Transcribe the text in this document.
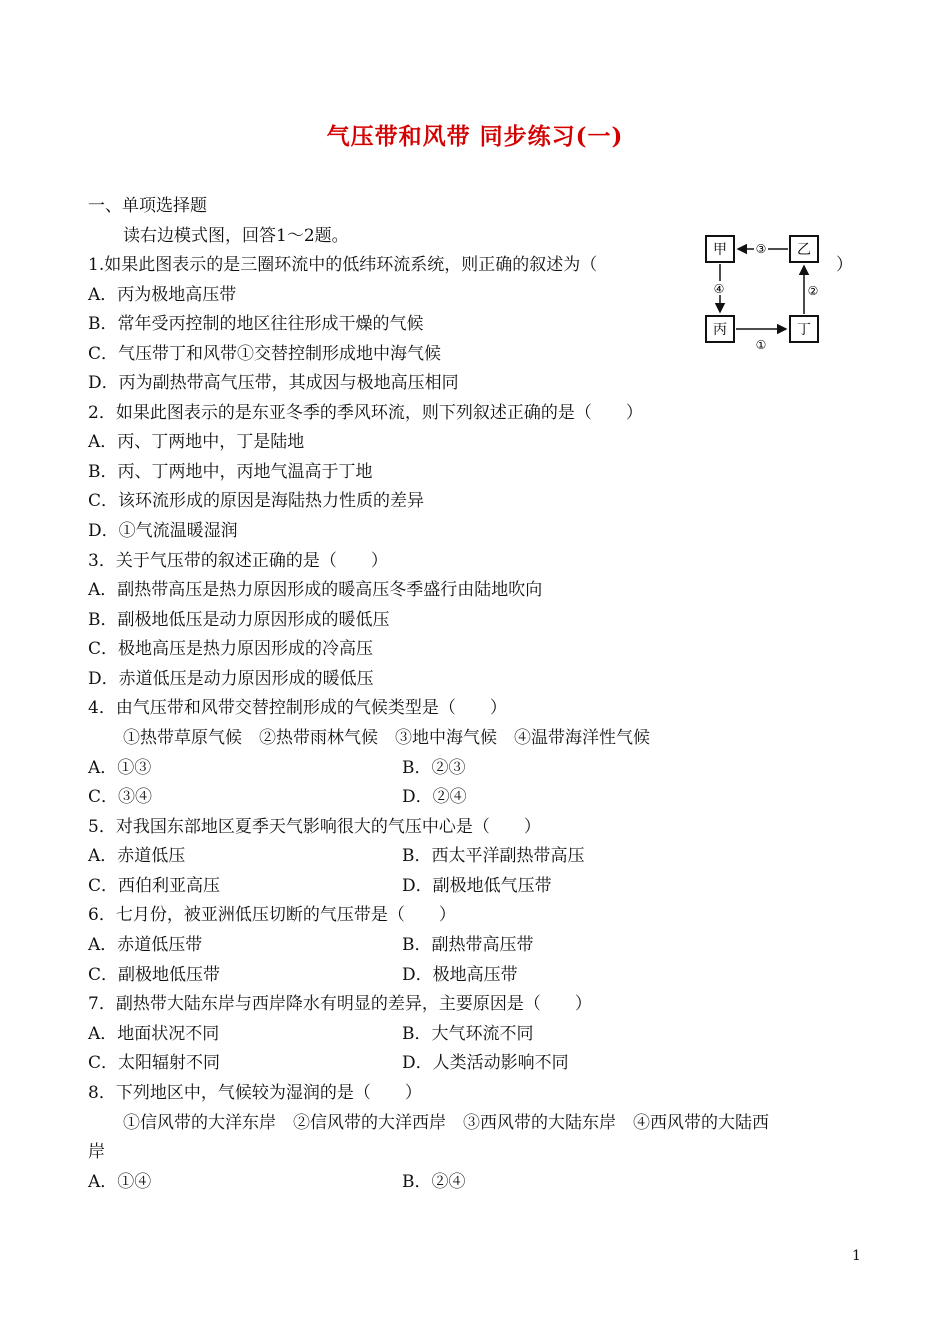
气压带和风带 同步练习(一)
一、单项选择题
读右边模式图，回答1～2题。
1.如果此图表示的是三圈环流中的低纬环流系统，则正确的叙述为（	）
A．丙为极地高压带
B．常年受丙控制的地区往往形成干燥的气候
C．气压带丁和风带①交替控制形成地中海气候
D．丙为副热带高气压带，其成因与极地高压相同
2．如果此图表示的是东亚冬季的季风环流，则下列叙述正确的是（　　）
A．丙、丁两地中，丁是陆地
B．丙、丁两地中，丙地气温高于丁地
C．该环流形成的原因是海陆热力性质的差异
D．①气流温暖湿润
3．关于气压带的叙述正确的是（　　）
A．副热带高压是热力原因形成的暖高压冬季盛行由陆地吹向
B．副极地低压是动力原因形成的暖低压
C．极地高压是热力原因形成的冷高压
D．赤道低压是动力原因形成的暖低压
4．由气压带和风带交替控制形成的气候类型是（　　）
①热带草原气候　②热带雨林气候　③地中海气候　④温带海洋性气候
A．①③	B．②③
C．③④	D．②④
5．对我国东部地区夏季天气影响很大的气压中心是（　　）
A．赤道低压	B．西太平洋副热带高压
C．西伯利亚高压	D．副极地低气压带
6．七月份，被亚洲低压切断的气压带是（　　）
A．赤道低压带	B．副热带高压带
C．副极地低压带	D．极地高压带
7．副热带大陆东岸与西岸降水有明显的差异，主要原因是（　　）
A．地面状况不同	B．大气环流不同
C．太阳辐射不同	D．人类活动影响不同
8．下列地区中，气候较为湿润的是（　　）
①信风带的大洋东岸　②信风带的大洋西岸　③西风带的大陆东岸　④西风带的大陆西
岸
A．①④	B．②④
甲	乙
丙	丁
③
④
①
②
1
